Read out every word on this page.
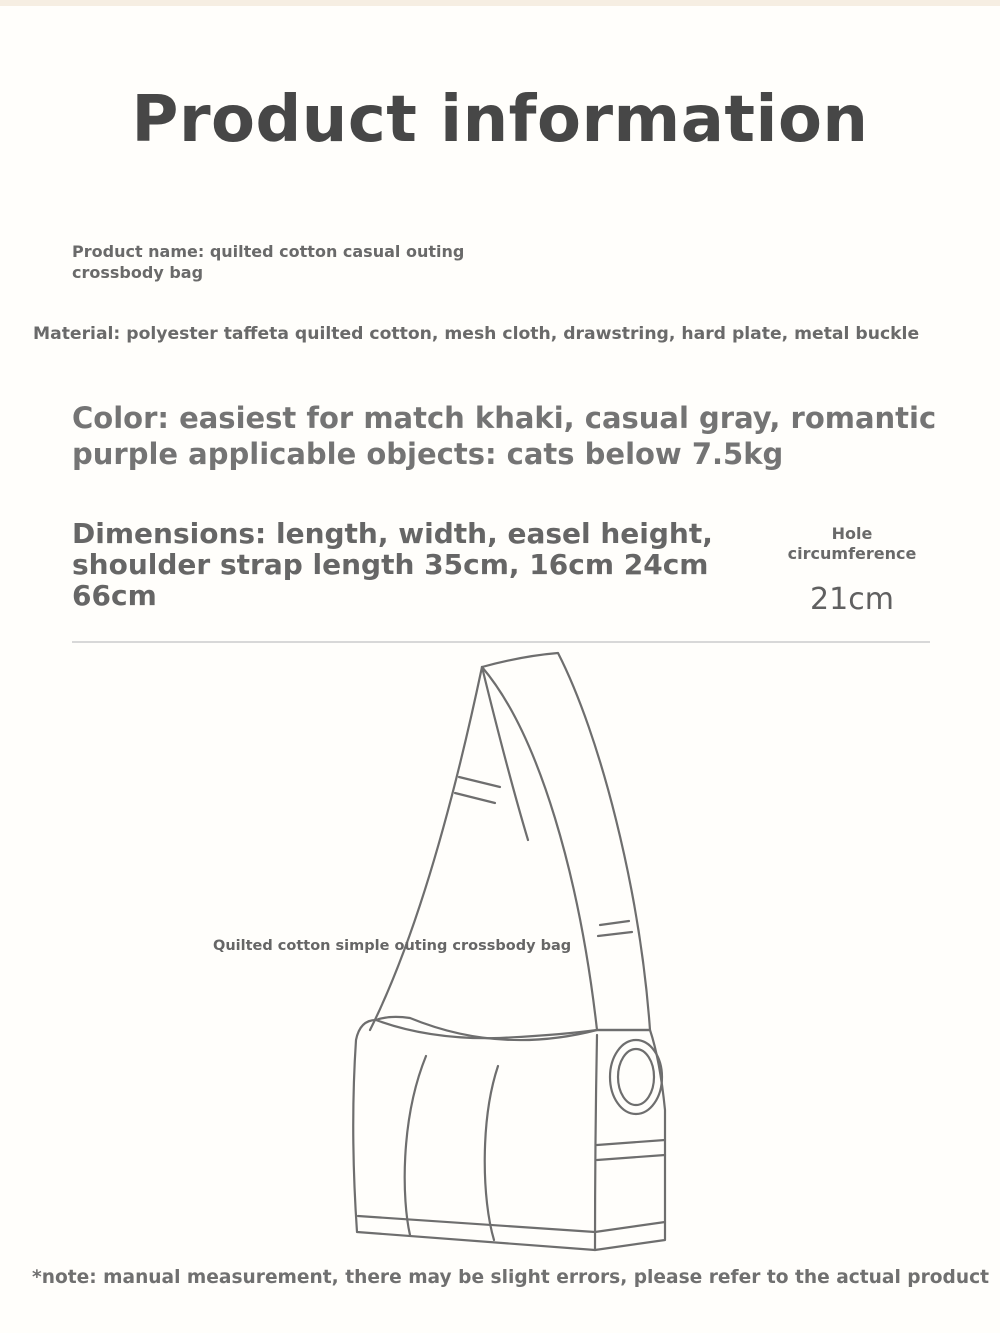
Product information
Product name: quilted cotton casual outing crossbody bag
Material: polyester taffeta quilted cotton, mesh cloth, drawstring, hard plate, metal buckle
Color: easiest for match khaki, casual gray, romantic purple applicable objects: cats below 7.5kg
Dimensions: length, width, easel height, shoulder strap length 35cm, 16cm 24cm 66cm
Hole circumference
21cm
Quilted cotton simple outing crossbody bag
*note: manual measurement, there may be slight errors, please refer to the actual product
